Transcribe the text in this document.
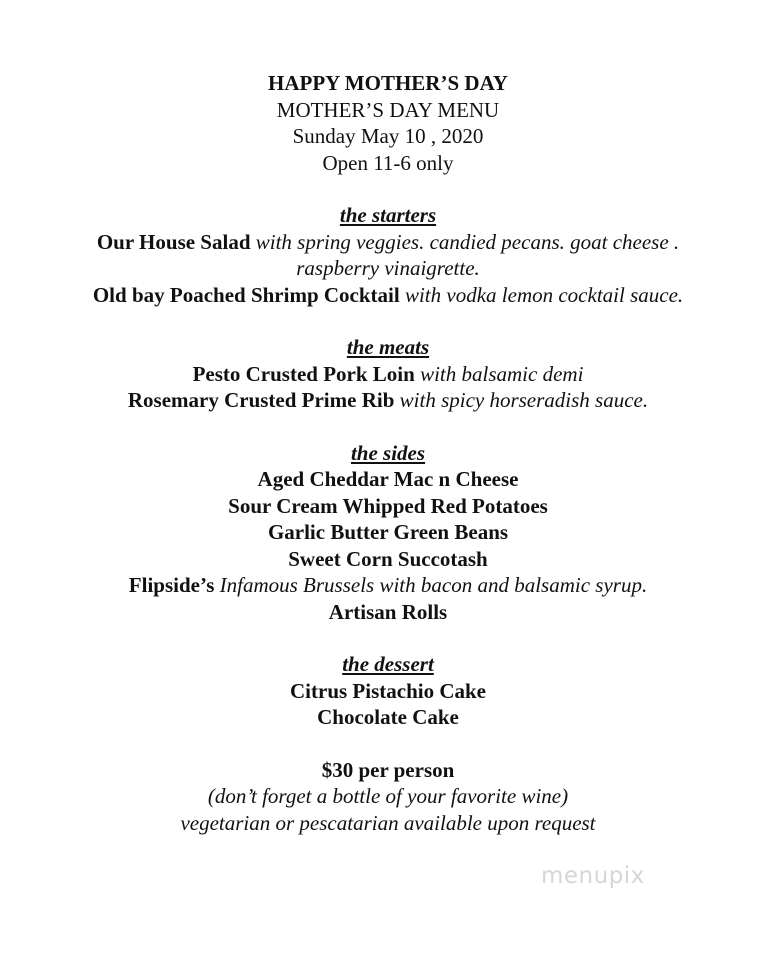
HAPPY MOTHER’S DAY
MOTHER’S DAY MENU
Sunday May 10 , 2020
Open 11-6 only
the starters
Our House Salad with spring veggies. candied pecans. goat cheese .
raspberry vinaigrette.
Old bay Poached Shrimp Cocktail with vodka lemon cocktail sauce.
the meats
Pesto Crusted Pork Loin with balsamic demi
Rosemary Crusted Prime Rib with spicy horseradish sauce.
the sides
Aged Cheddar Mac n Cheese
Sour Cream Whipped Red Potatoes
Garlic Butter Green Beans
Sweet Corn Succotash
Flipside’s Infamous Brussels with bacon and balsamic syrup.
Artisan Rolls
the dessert
Citrus Pistachio Cake
Chocolate Cake
$30 per person
(don’t forget a bottle of your favorite wine)
vegetarian or pescatarian available upon request
menupix
